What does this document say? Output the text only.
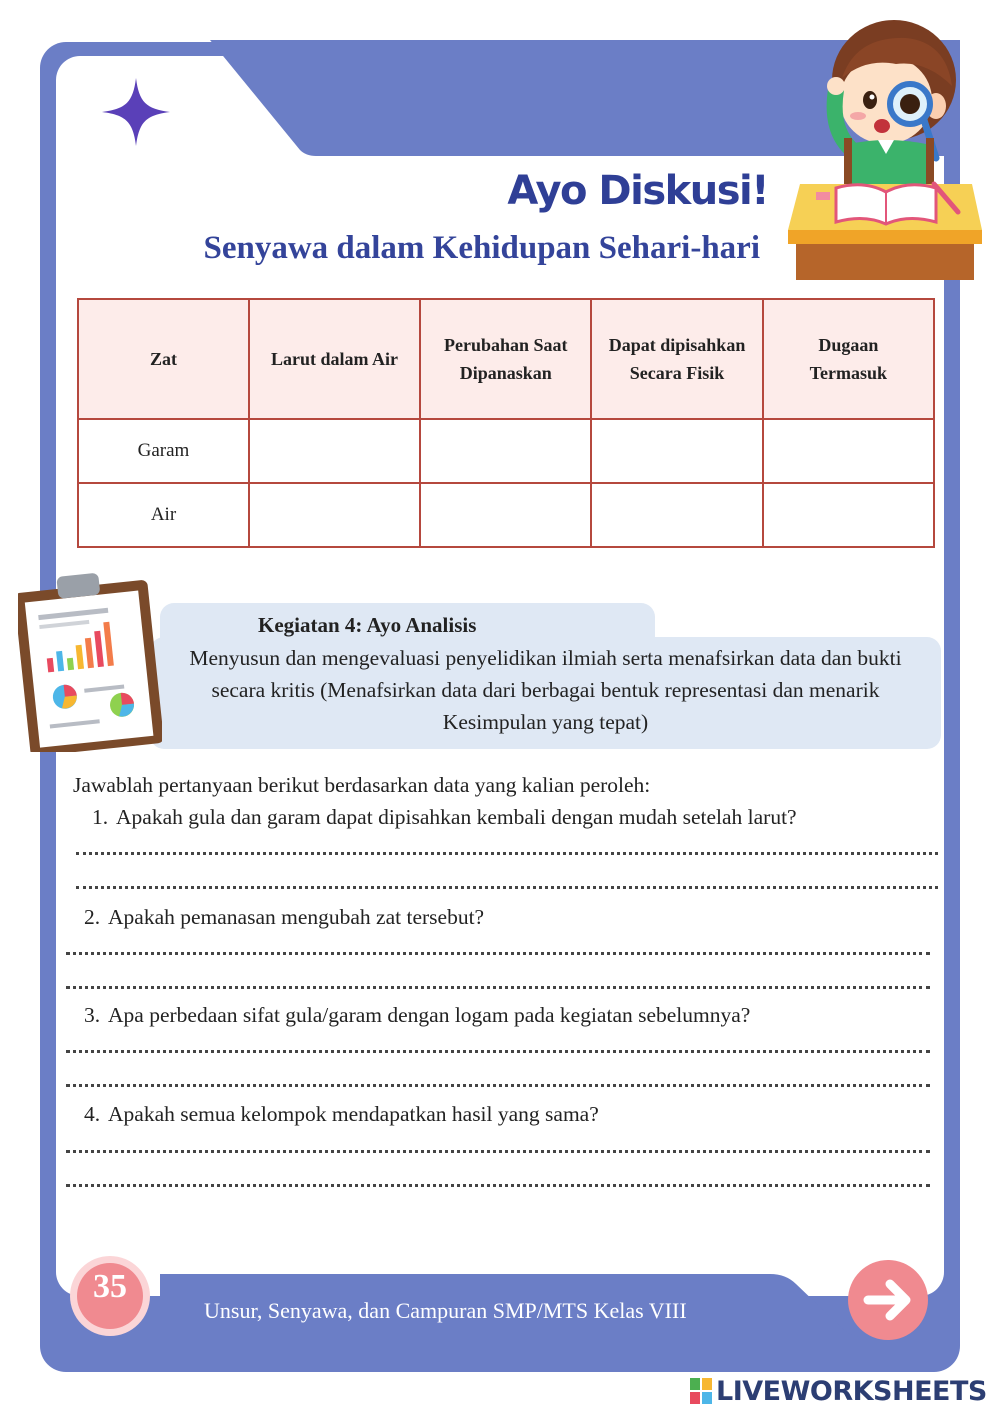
Ayo Diskusi!
Senyawa dalam Kehidupan Sehari-hari
Zat	Larut dalam Air	Perubahan Saat Dipanaskan	Dapat dipisahkan Secara Fisik	Dugaan Termasuk
Garam				
Air				
Kegiatan 4: Ayo Analisis
Menyusun dan mengevaluasi penyelidikan ilmiah serta menafsirkan data dan bukti secara kritis (Menafsirkan data dari berbagai bentuk representasi dan menarik Kesimpulan yang tepat)
Jawablah pertanyaan berikut berdasarkan data yang kalian peroleh:
1. Apakah gula dan garam dapat dipisahkan kembali dengan mudah setelah larut?
2. Apakah pemanasan mengubah zat tersebut?
3. Apa perbedaan sifat gula/garam dengan logam pada kegiatan sebelumnya?
4. Apakah semua kelompok mendapatkan hasil yang sama?
35
Unsur, Senyawa, dan Campuran SMP/MTS Kelas VIII
LIVEWORKSHEETS
